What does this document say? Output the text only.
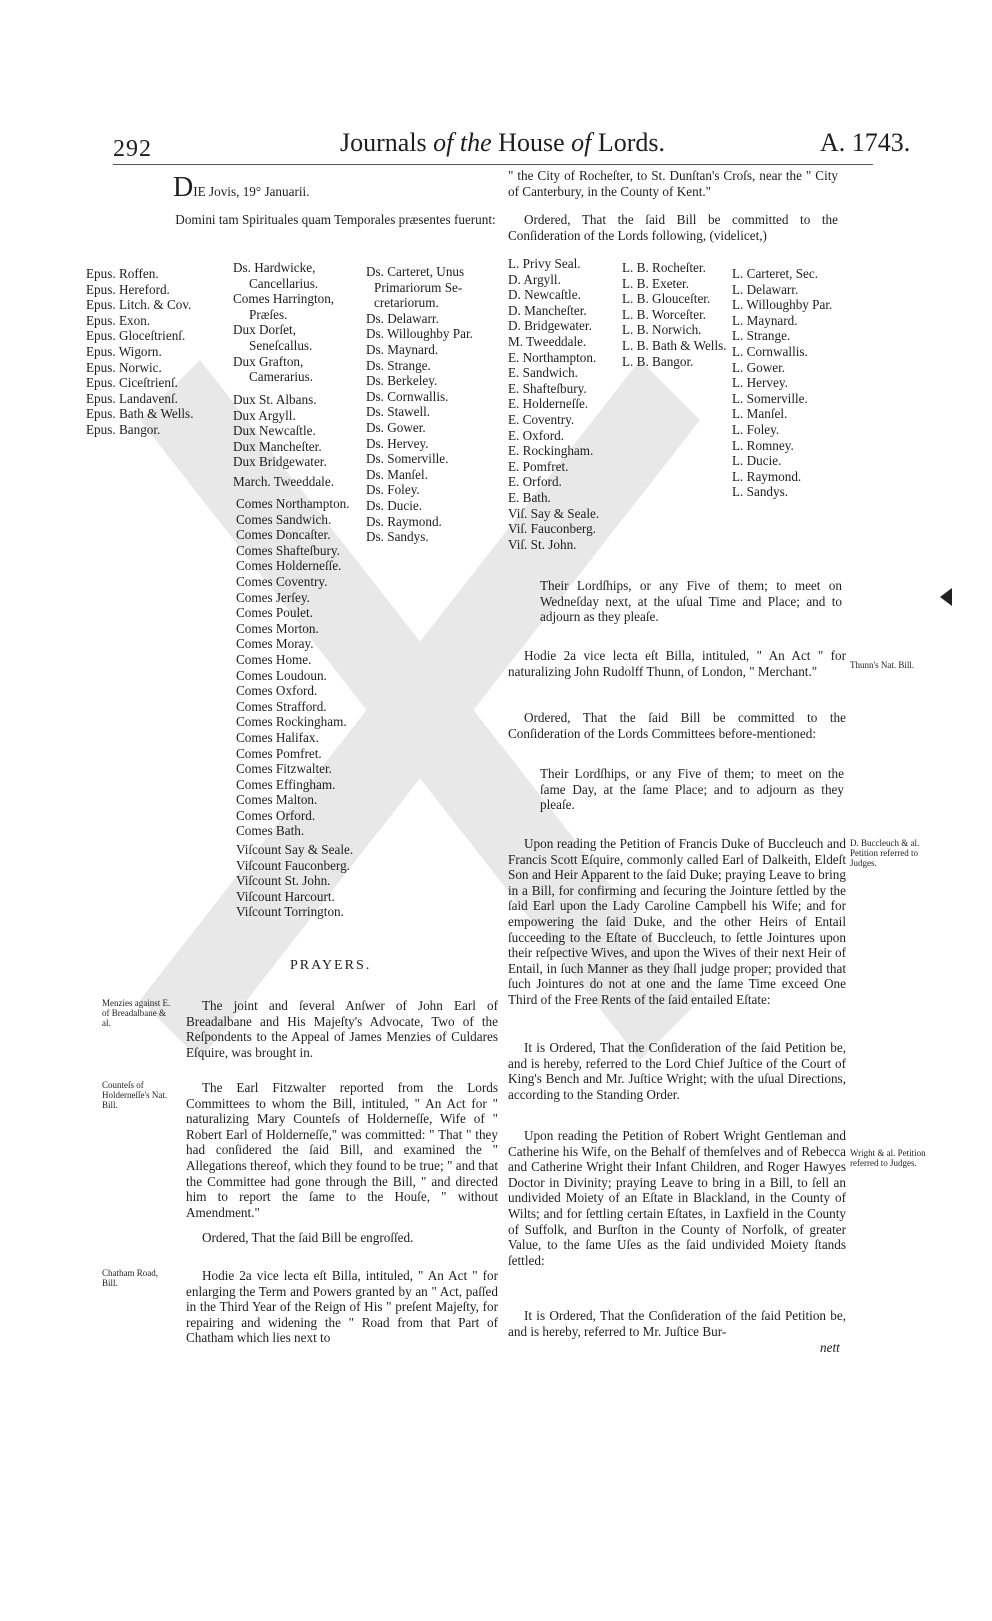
292	Journals of the House of Lords.	A. 1743.
DIE Jovis, 19° Januarii.
Domini tam Spirituales quam Temporales præsentes fuerunt:
Epus. Roffen.
Epus. Hereford.
Epus. Litch. & Cov.
Epus. Exon.
Epus. Gloceſtrienſ.
Epus. Wigorn.
Epus. Norwic.
Epus. Ciceſtrienſ.
Epus. Landavenſ.
Epus. Bath & Wells.
Epus. Bangor.
Ds. Hardwicke,
Cancellarius.
Comes Harrington,
Præſes.
Dux Dorſet,
Seneſcallus.
Dux Grafton,
Camerarius.
Dux St. Albans.
Dux Argyll.
Dux Newcaſtle.
Dux Mancheſter.
Dux Bridgewater.
March. Tweeddale.
Comes Northampton.
Comes Sandwich.
Comes Doncaſter.
Comes Shafteſbury.
Comes Holderneſſe.
Comes Coventry.
Comes Jerſey.
Comes Poulet.
Comes Morton.
Comes Moray.
Comes Home.
Comes Loudoun.
Comes Oxford.
Comes Strafford.
Comes Rockingham.
Comes Halifax.
Comes Pomfret.
Comes Fitzwalter.
Comes Effingham.
Comes Malton.
Comes Orford.
Comes Bath.
Viſcount Say & Seale.
Viſcount Fauconberg.
Viſcount St. John.
Viſcount Harcourt.
Viſcount Torrington.
Ds. Carteret, Unus
Primariorum Se-
cretariorum.
Ds. Delawarr.
Ds. Willoughby Par.
Ds. Maynard.
Ds. Strange.
Ds. Berkeley.
Ds. Cornwallis.
Ds. Stawell.
Ds. Gower.
Ds. Hervey.
Ds. Somerville.
Ds. Manſel.
Ds. Foley.
Ds. Ducie.
Ds. Raymond.
Ds. Sandys.
PRAYERS.
Menzies against E. of Breadalbane & al.
The joint and ſeveral Anſwer of John Earl of Breadalbane and His Majeſty's Advocate, Two of the Reſpondents to the Appeal of James Menzies of Culdares Eſquire, was brought in.
Counteſs of Holderneſſe's Nat. Bill.
The Earl Fitzwalter reported from the Lords Committees to whom the Bill, intituled, " An Act for " naturalizing Mary Counteſs of Holderneſſe, Wife of " Robert Earl of Holderneſſe," was committed: " That " they had conſidered the ſaid Bill, and examined the " Allegations thereof, which they found to be true; " and that the Committee had gone through the Bill, " and directed him to report the ſame to the Houſe, " without Amendment."
Ordered, That the ſaid Bill be engroſſed.
Chatham Road, Bill.	Hodie 2a vice lecta eſt Billa, intituled, " An Act " for enlarging the Term and Powers granted by an " Act, paſſed in the Third Year of the Reign of His " preſent Majeſty, for repairing and widening the " Road from that Part of Chatham which lies next to
" the City of Rocheſter, to St. Dunſtan's Croſs, near the " City of Canterbury, in the County of Kent."
Ordered, That the ſaid Bill be committed to the Conſideration of the Lords following, (videlicet,)
L. Privy Seal.
D. Argyll.
D. Newcaſtle.
D. Mancheſter.
D. Bridgewater.
M. Tweeddale.
E. Northampton.
E. Sandwich.
E. Shafteſbury.
E. Holderneſſe.
E. Coventry.
E. Oxford.
E. Rockingham.
E. Pomfret.
E. Orford.
E. Bath.
Viſ. Say & Seale.
Viſ. Fauconberg.
Viſ. St. John.
L. B. Rocheſter.
L. B. Exeter.
L. B. Glouceſter.
L. B. Worceſter.
L. B. Norwich.
L. B. Bath & Wells.
L. B. Bangor.
L. Carteret, Sec.
L. Delawarr.
L. Willoughby Par.
L. Maynard.
L. Strange.
L. Cornwallis.
L. Gower.
L. Hervey.
L. Somerville.
L. Manſel.
L. Foley.
L. Romney.
L. Ducie.
L. Raymond.
L. Sandys.
Their Lordſhips, or any Five of them; to meet on Wedneſday next, at the uſual Time and Place; and to adjourn as they pleaſe.
Hodie 2a vice lecta eſt Billa, intituled, " An Act " for naturalizing John Rudolff Thunn, of London, " Merchant."	Thunn's Nat. Bill.
Ordered, That the ſaid Bill be committed to the Conſideration of the Lords Committees before-mentioned:
Their Lordſhips, or any Five of them; to meet on the ſame Day, at the ſame Place; and to adjourn as they pleaſe.
Upon reading the Petition of Francis Duke of Buccleuch and Francis Scott Eſquire, commonly called Earl of Dalkeith, Eldeſt Son and Heir Apparent to the ſaid Duke; praying Leave to bring in a Bill, for confirming and ſecuring the Jointure ſettled by the ſaid Earl upon the Lady Caroline Campbell his Wife; and for empowering the ſaid Duke, and the other Heirs of Entail ſucceeding to the Eſtate of Buccleuch, to ſettle Jointures upon their reſpective Wives, and upon the Wives of their next Heir of Entail, in ſuch Manner as they ſhall judge proper; provided that ſuch Jointures do not at one and the ſame Time exceed One Third of the Free Rents of the ſaid entailed Eſtate:
D. Buccleuch & al. Petition referred to Judges.
It is Ordered, That the Conſideration of the ſaid Petition be, and is hereby, referred to the Lord Chief Juſtice of the Court of King's Bench and Mr. Juſtice Wright; with the uſual Directions, according to the Standing Order.
Upon reading the Petition of Robert Wright Gentleman and Catherine his Wife, on the Behalf of themſelves and of Rebecca and Catherine Wright their Infant Children, and Roger Hawyes Doctor in Divinity; praying Leave to bring in a Bill, to ſell an undivided Moiety of an Eſtate in Blackland, in the County of Wilts; and for ſettling certain Eſtates, in Laxfield in the County of Suffolk, and Burſton in the County of Norfolk, of greater Value, to the ſame Uſes as the ſaid undivided Moiety ſtands ſettled:
Wright & al. Petition referred to Judges.
It is Ordered, That the Conſideration of the ſaid Petition be, and is hereby, referred to Mr. Juſtice Bur-
nett
